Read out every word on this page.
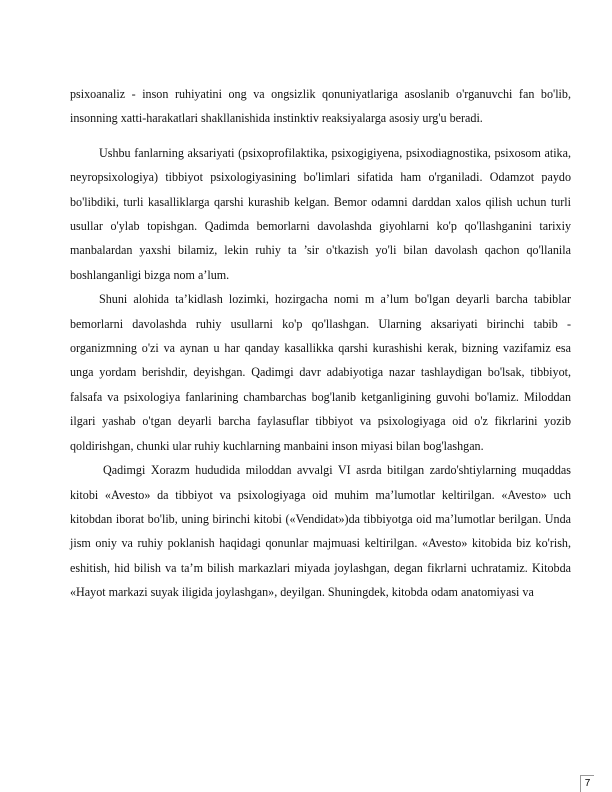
psixoanaliz - inson ruhiyatini ong va ongsizlik qonuniyatlariga asoslanib o'rganuvchi fan bo'lib, insonning xatti-harakatlari shakllanishida instinktiv reaksiyalarga asosiy urg'u beradi.

Ushbu fanlarning aksariyati (psixoprofilaktika, psixogigiyena, psixodiagnostika, psixosom atika, neyropsixologiya) tibbiyot psixologiyasining bo'limlari sifatida ham o'rganiladi. Odamzot paydo bo'libdiki, turli kasalliklarga qarshi kurashib kelgan. Bemor odamni darddan xalos qilish uchun turli usullar o'ylab topishgan. Qadimda bemorlarni davolashda giyohlarni ko'p qo'llashganini tarixiy manbalardan yaxshi bilamiz, lekin ruhiy ta ’sir o'tkazish yo'li bilan davolash qachon qo'llanila boshlanganligi bizga nom a’lum.

Shuni alohida ta’kidlash lozimki, hozirgacha nomi m a’lum bo'lgan deyarli barcha tabiblar bemorlarni davolashda ruhiy usullarni ko'p qo'llashgan. Ularning aksariyati birinchi tabib - organizmning o'zi va aynan u har qanday kasallikka qarshi kurashishi kerak, bizning vazifamiz esa unga yordam berishdir, deyishgan. Qadimgi davr adabiyotiga nazar tashlaydigan bo'lsak, tibbiyot, falsafa va psixologiya fanlarining chambarchas bog'lanib ketganligining guvohi bo'lamiz. Miloddan ilgari yashab o'tgan deyarli barcha faylasuflar tibbiyot va psixologiyaga oid o'z fikrlarini yozib qoldirishgan, chunki ular ruhiy kuchlarning manbaini inson miyasi bilan bog'lashgan.

Qadimgi Xorazm hududida miloddan avvalgi VI asrda bitilgan zardo'shtiylarning muqaddas kitobi «Avesto» da tibbiyot va psixologiyaga oid muhim ma’lumotlar keltirilgan. «Avesto» uch kitobdan iborat bo'lib, uning birinchi kitobi («Vendidat»)da tibbiyotga oid ma’lumotlar berilgan. Unda jism oniy va ruhiy poklanish haqidagi qonunlar majmuasi keltirilgan. «Avesto» kitobida biz ko'rish, eshitish, hid bilish va ta’m bilish markazlari miyada joylashgan, degan fikrlarni uchratamiz. Kitobda «Hayot markazi suyak iligida joylashgan», deyilgan. Shuningdek, kitobda odam anatomiyasi va

7
